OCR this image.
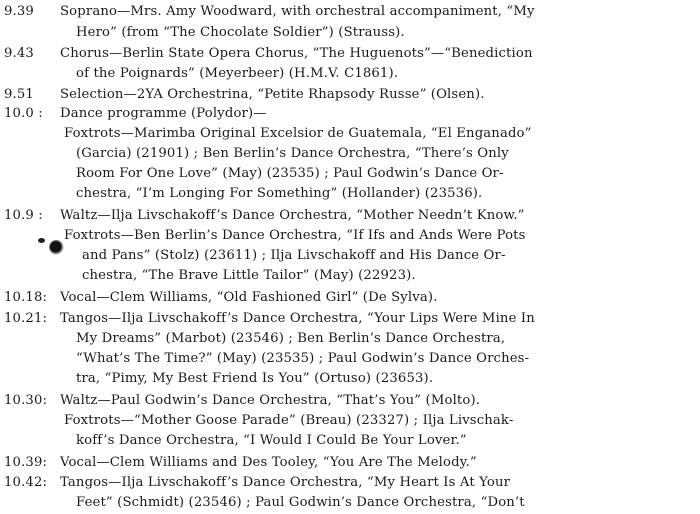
9.39 Soprano—Mrs. Amy Woodward, with orchestral accompaniment, “My
Hero” (from “The Chocolate Soldier”) (Strauss).
9.43 Chorus—Berlin State Opera Chorus, “The Huguenots”—“Benediction
of the Poignards” (Meyerbeer) (H.M.V. C1861).
9.51 Selection—2YA Orchestrina, “Petite Rhapsody Russe” (Olsen).
10.0 : Dance programme (Polydor)—
Foxtrots—Marimba Original Excelsior de Guatemala, “El Enganado”
(Garcia) (21901) ; Ben Berlin’s Dance Orchestra, “There’s Only
Room For One Love” (May) (23535) ; Paul Godwin’s Dance Or-
chestra, “I’m Longing For Something” (Hollander) (23536).
10.9 : Waltz—Ilja Livschakoff’s Dance Orchestra, “Mother Needn’t Know.”
Foxtrots—Ben Berlin’s Dance Orchestra, “If Ifs and Ands Were Pots
and Pans” (Stolz) (23611) ; Ilja Livschakoff and His Dance Or-
chestra, “The Brave Little Tailor” (May) (22923).
10.18: Vocal—Clem Williams, “Old Fashioned Girl” (De Sylva).
10.21: Tangos—Ilja Livschakoff’s Dance Orchestra, “Your Lips Were Mine In
My Dreams” (Marbot) (23546) ; Ben Berlin’s Dance Orchestra,
“What’s The Time?” (May) (23535) ; Paul Godwin’s Dance Orches-
tra, “Pimy, My Best Friend Is You” (Ortuso) (23653).
10.30: Waltz—Paul Godwin’s Dance Orchestra, “That’s You” (Molto).
Foxtrots—“Mother Goose Parade” (Breau) (23327) ; Ilja Livschak-
koff’s Dance Orchestra, “I Would I Could Be Your Lover.”
10.39: Vocal—Clem Williams and Des Tooley, “You Are The Melody.”
10.42: Tangos—Ilja Livschakoff’s Dance Orchestra, “My Heart Is At Your
Feet” (Schmidt) (23546) ; Paul Godwin’s Dance Orchestra, “Don’t
